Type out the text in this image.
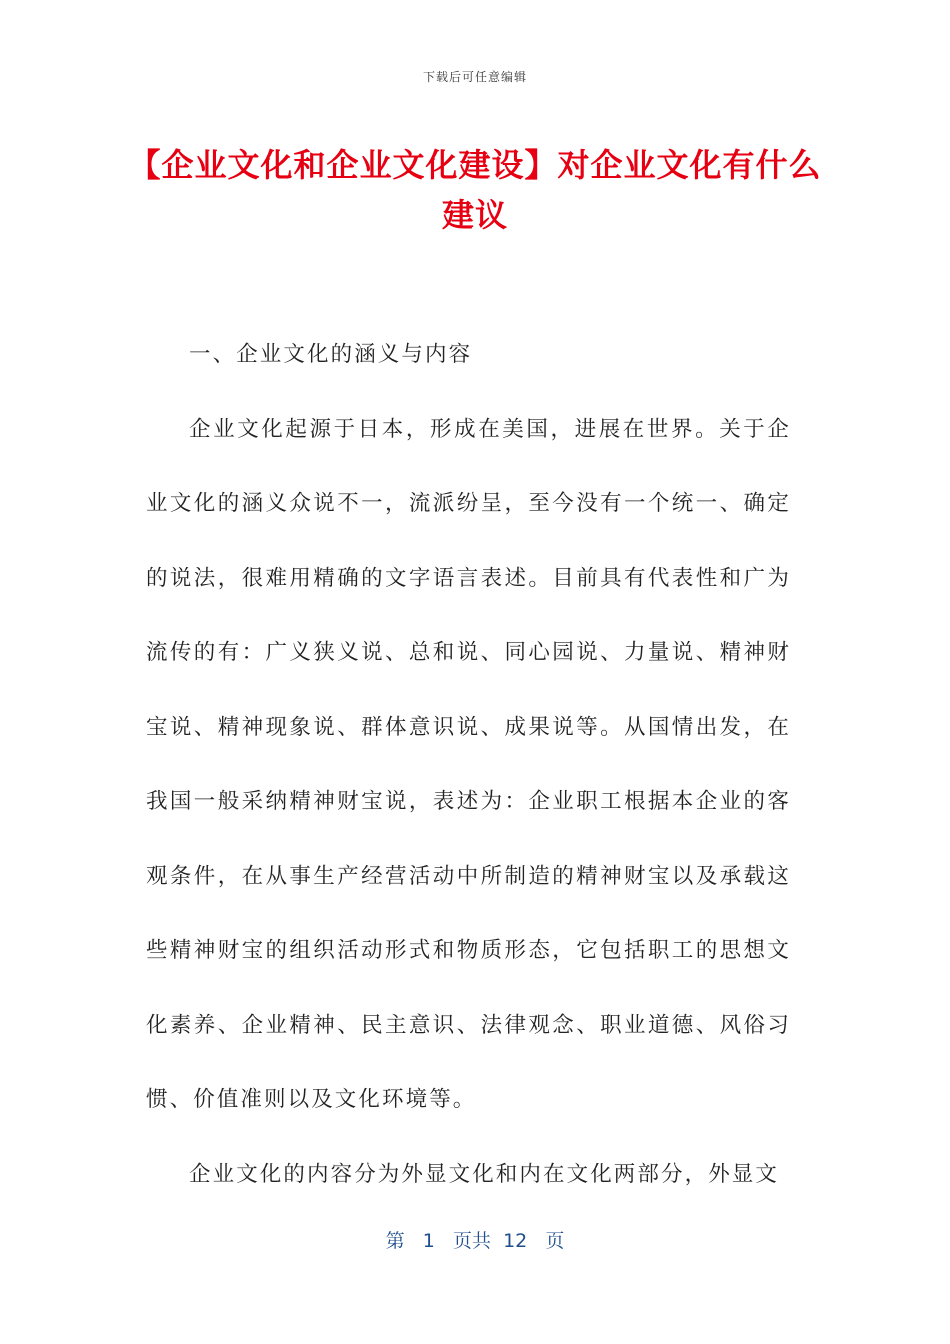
下载后可任意编辑
【企业文化和企业文化建设】对企业文化有什么建议

一、企业文化的涵义与内容

企业文化起源于日本，形成在美国，进展在世界。关于企业文化的涵义众说不一，流派纷呈，至今没有一个统一、确定的说法，很难用精确的文字语言表述。目前具有代表性和广为流传的有：广义狭义说、总和说、同心园说、力量说、精神财宝说、精神现象说、群体意识说、成果说等。从国情出发，在我国一般采纳精神财宝说，表述为：企业职工根据本企业的客观条件，在从事生产经营活动中所制造的精神财宝以及承载这些精神财宝的组织活动形式和物质形态，它包括职工的思想文化素养、企业精神、民主意识、法律观念、职业道德、风俗习惯、价值准则以及文化环境等。

企业文化的内容分为外显文化和内在文化两部分，外显文

第 1 页共 12 页
